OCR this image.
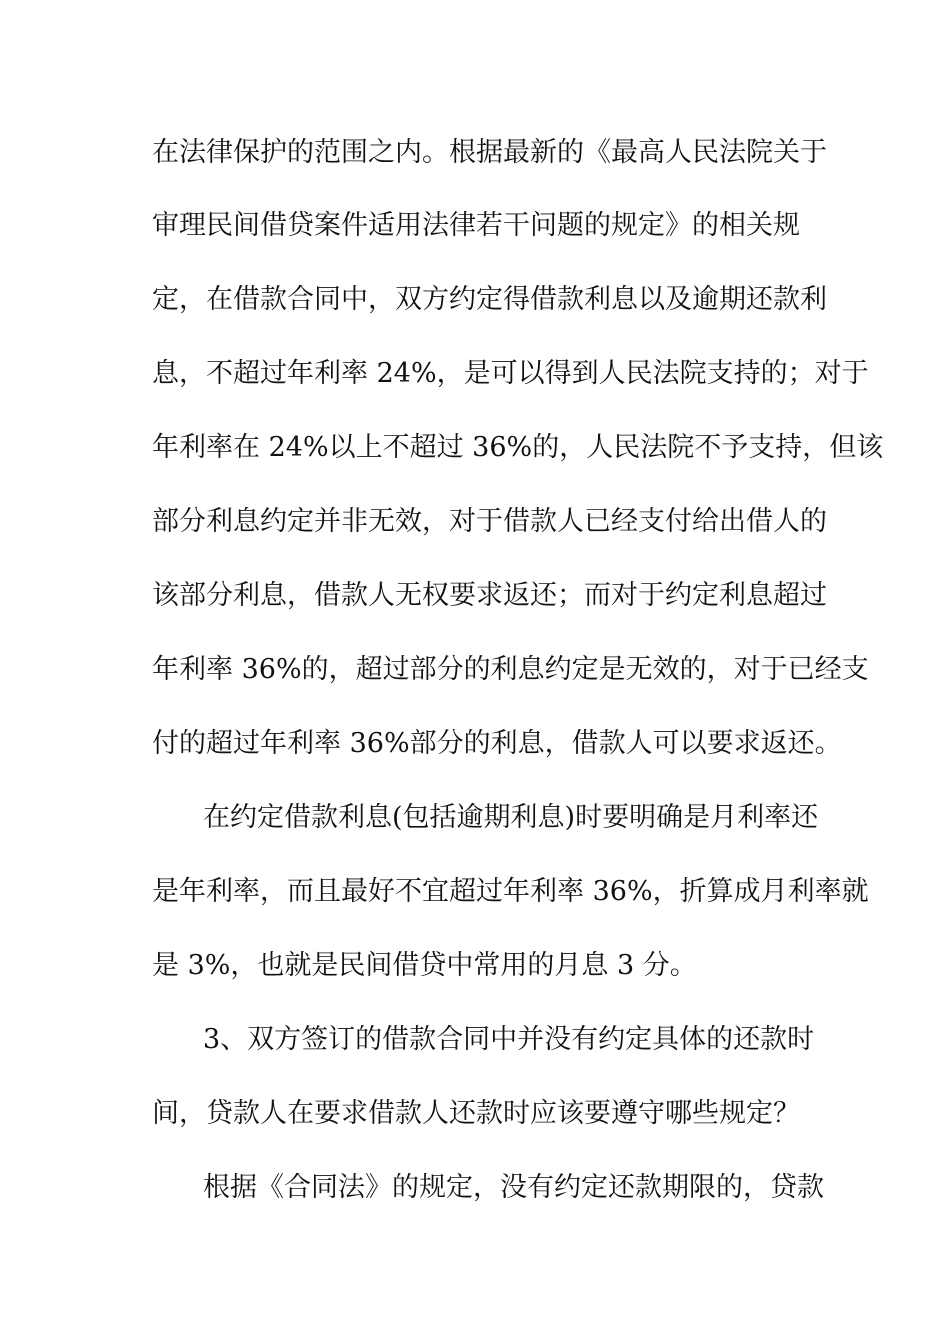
在法律保护的范围之内。根据最新的《最高人民法院关于
审理民间借贷案件适用法律若干问题的规定》的相关规
定，在借款合同中，双方约定得借款利息以及逾期还款利
息，不超过年利率 24%，是可以得到人民法院支持的；对于
年利率在 24%以上不超过 36%的，人民法院不予支持，但该
部分利息约定并非无效，对于借款人已经支付给出借人的
该部分利息，借款人无权要求返还；而对于约定利息超过
年利率 36%的，超过部分的利息约定是无效的，对于已经支
付的超过年利率 36%部分的利息，借款人可以要求返还。
在约定借款利息(包括逾期利息)时要明确是月利率还
是年利率，而且最好不宜超过年利率 36%，折算成月利率就
是 3%，也就是民间借贷中常用的月息 3 分。
3、双方签订的借款合同中并没有约定具体的还款时
间，贷款人在要求借款人还款时应该要遵守哪些规定？
根据《合同法》的规定，没有约定还款期限的，贷款
